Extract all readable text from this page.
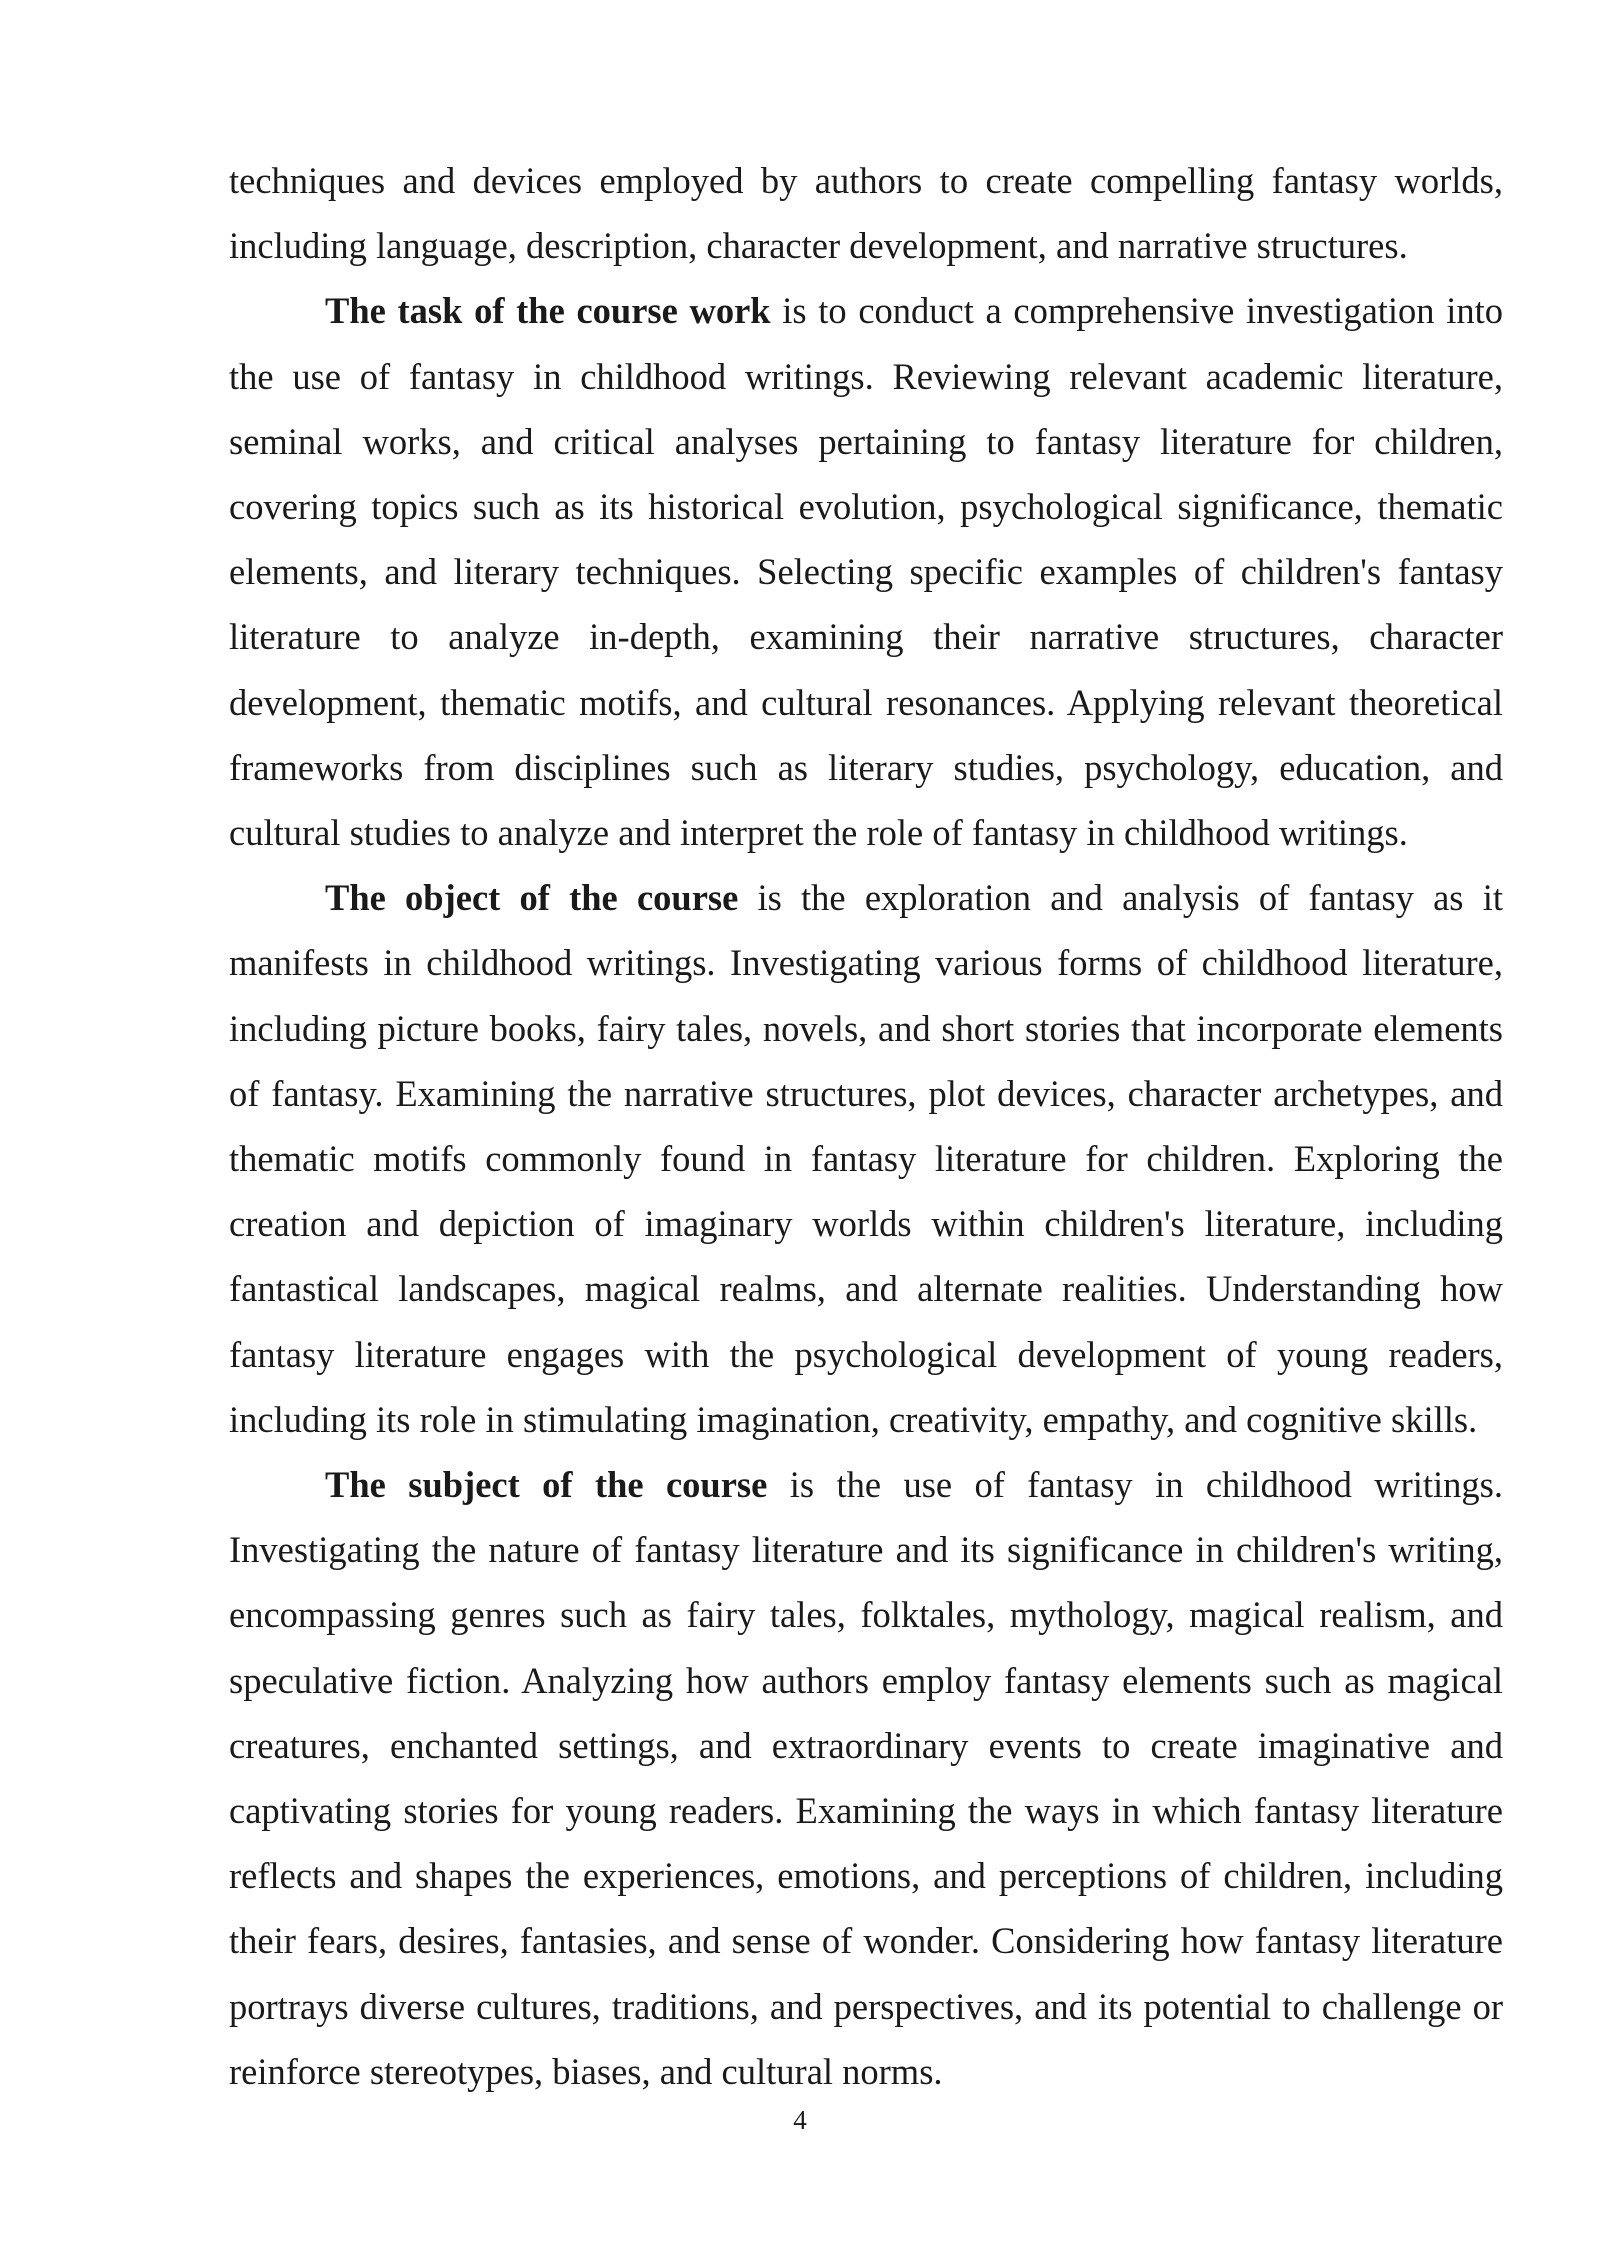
techniques and devices employed by authors to create compelling fantasy worlds, including language, description, character development, and narrative structures.

The task of the course work is to conduct a comprehensive investigation into the use of fantasy in childhood writings. Reviewing relevant academic literature, seminal works, and critical analyses pertaining to fantasy literature for children, covering topics such as its historical evolution, psychological significance, thematic elements, and literary techniques. Selecting specific examples of children's fantasy literature to analyze in-depth, examining their narrative structures, character development, thematic motifs, and cultural resonances. Applying relevant theoretical frameworks from disciplines such as literary studies, psychology, education, and cultural studies to analyze and interpret the role of fantasy in childhood writings.

The object of the course is the exploration and analysis of fantasy as it manifests in childhood writings. Investigating various forms of childhood literature, including picture books, fairy tales, novels, and short stories that incorporate elements of fantasy. Examining the narrative structures, plot devices, character archetypes, and thematic motifs commonly found in fantasy literature for children. Exploring the creation and depiction of imaginary worlds within children's literature, including fantastical landscapes, magical realms, and alternate realities. Understanding how fantasy literature engages with the psychological development of young readers, including its role in stimulating imagination, creativity, empathy, and cognitive skills.

The subject of the course is the use of fantasy in childhood writings. Investigating the nature of fantasy literature and its significance in children's writing, encompassing genres such as fairy tales, folktales, mythology, magical realism, and speculative fiction. Analyzing how authors employ fantasy elements such as magical creatures, enchanted settings, and extraordinary events to create imaginative and captivating stories for young readers. Examining the ways in which fantasy literature reflects and shapes the experiences, emotions, and perceptions of children, including their fears, desires, fantasies, and sense of wonder. Considering how fantasy literature portrays diverse cultures, traditions, and perspectives, and its potential to challenge or reinforce stereotypes, biases, and cultural norms.

4
